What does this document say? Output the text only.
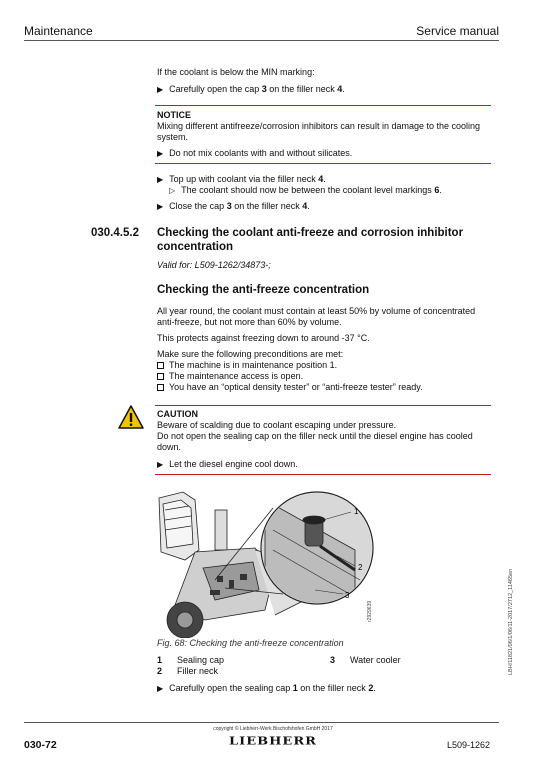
Maintenance	Service manual
If the coolant is below the MIN marking:
▶ Carefully open the cap 3 on the filler neck 4.
NOTICE
Mixing different antifreeze/corrosion inhibitors can result in damage to the cooling
system.
▶ Do not mix coolants with and without silicates.
▶ Top up with coolant via the filler neck 4.
▷ The coolant should now be between the coolant level markings 6.
▶ Close the cap 3 on the filler neck 4.
030.4.5.2 Checking the coolant anti-freeze and corrosion inhibitor
concentration
Valid for: L509-1262/34873-;
Checking the anti-freeze concentration
All year round, the coolant must contain at least 50% by volume of concentrated
anti-freeze, but not more than 60% by volume.
This protects against freezing down to around -37 °C.
Make sure the following preconditions are met:
The machine is in maintenance position 1.
The maintenance access is open.
You have an “optical density tester” or “anti-freeze tester” ready.
CAUTION
Beware of scalding due to coolant escaping under pressure.
Do not open the sealing cap on the filler neck until the diesel engine has cooled
down.
▶ Let the diesel engine cool down.
1
2
3
r2929639
Fig. 68: Checking the anti-freeze concentration
1 Sealing cap	3 Water cooler
2 Filler neck
▶ Carefully open the sealing cap 1 on the filler neck 2.
LBH/11821/06/1/06/11-2017/2712_11465en
030-72
copyright © Liebherr-Werk Bischofshofen GmbH 2017
LIEBHERR	L509-1262
